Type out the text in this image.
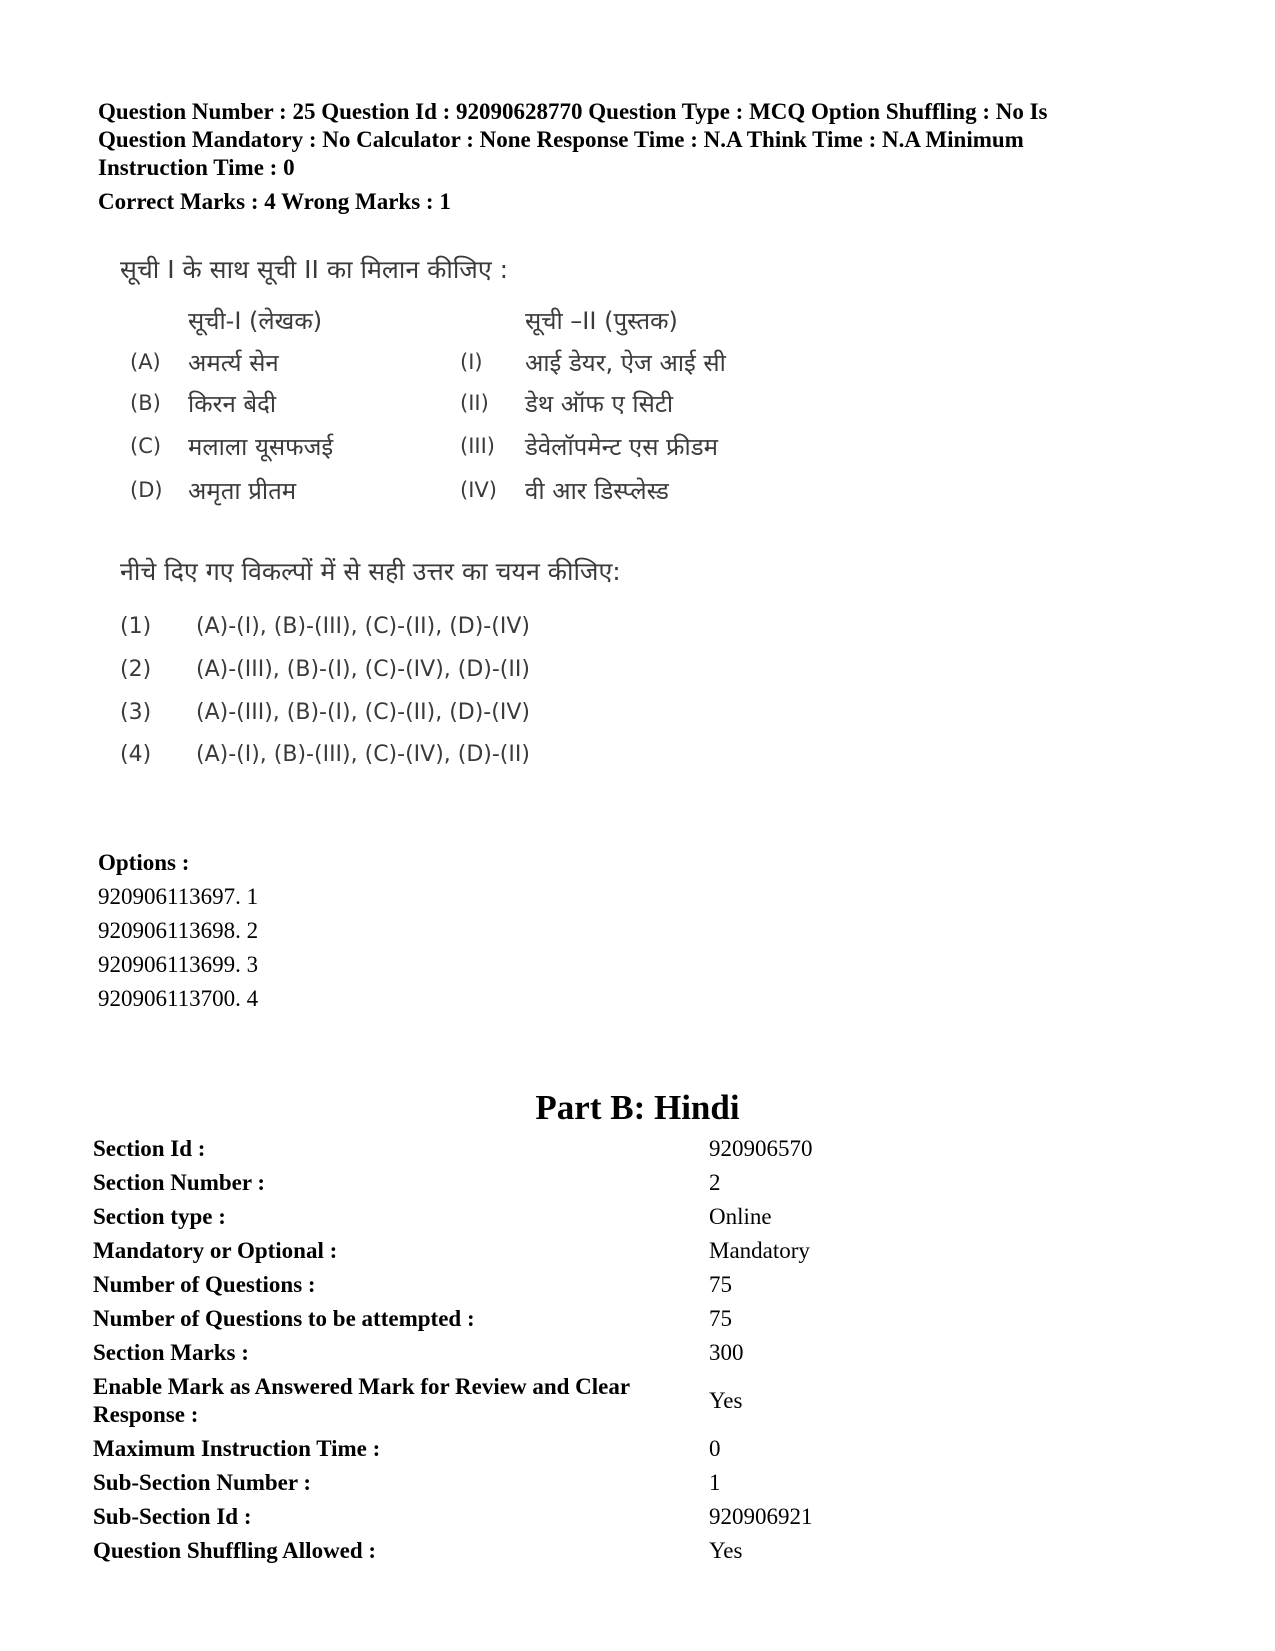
Question Number : 25 Question Id : 92090628770 Question Type : MCQ Option Shuffling : No Is
Question Mandatory : No Calculator : None Response Time : N.A Think Time : N.A Minimum
Instruction Time : 0
Correct Marks : 4 Wrong Marks : 1
सूची I के साथ सूची II का मिलान कीजिए :
सूची-I (लेखक)	सूची –II (पुस्तक)
(A) अमर्त्य सेन	(I) आई डेयर, ऐज आई सी
(B) किरन बेदी	(II) डेथ ऑफ ए सिटी
(C) मलाला यूसफजई	(III) डेवेलॉपमेन्ट एस फ्रीडम
(D) अमृता प्रीतम	(IV) वी आर डिस्प्लेस्ड
नीचे दिए गए विकल्पों में से सही उत्तर का चयन कीजिए:
(1) (A)-(I), (B)-(III), (C)-(II), (D)-(IV)
(2) (A)-(III), (B)-(I), (C)-(IV), (D)-(II)
(3) (A)-(III), (B)-(I), (C)-(II), (D)-(IV)
(4) (A)-(I), (B)-(III), (C)-(IV), (D)-(II)
Options :
920906113697. 1
920906113698. 2
920906113699. 3
920906113700. 4
Part B: Hindi
Section Id :	920906570
Section Number :	2
Section type :	Online
Mandatory or Optional :	Mandatory
Number of Questions :	75
Number of Questions to be attempted :	75
Section Marks :	300
Enable Mark as Answered Mark for Review and Clear Response :	Yes
Maximum Instruction Time :	0
Sub-Section Number :	1
Sub-Section Id :	920906921
Question Shuffling Allowed :	Yes
